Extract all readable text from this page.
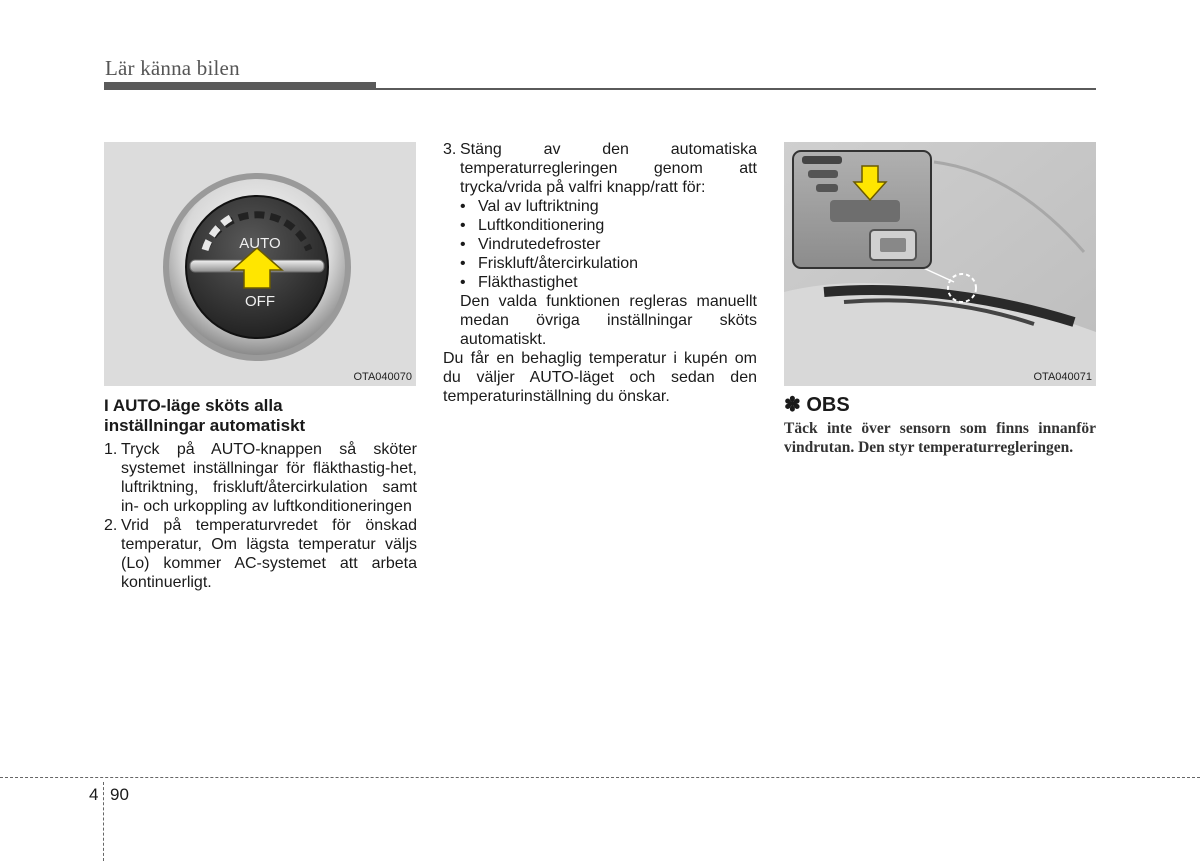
Lär känna bilen
AUTO
OFF
OTA040070	OTA040071
I AUTO-läge sköts alla
inställningar automatiskt

1. Tryck på AUTO-knappen så sköter systemet inställningar för fläkthastig-het, luftriktning, friskluft/återcirkulation samt in- och urkoppling av luftkonditioneringen

2. Vrid på temperaturvredet för önskad temperatur, Om lägsta temperatur väljs (Lo) kommer AC-systemet att arbeta kontinuerligt.

3. Stäng av den automatiska temperaturregleringen genom att trycka/vrida på valfri knapp/ratt för:

• Val av luftriktning
• Luftkonditionering
• Vindrutedefroster
• Friskluft/återcirkulation
• Fläkthastighet

Den valda funktionen regleras manuellt medan övriga inställningar sköts automatiskt.

Du får en behaglig temperatur i kupén om du väljer AUTO-läget och sedan den temperaturinställning du önskar.	✽ OBS

Täck inte över sensorn som finns innanför vindrutan. Den styr temperaturregleringen.

4 90
